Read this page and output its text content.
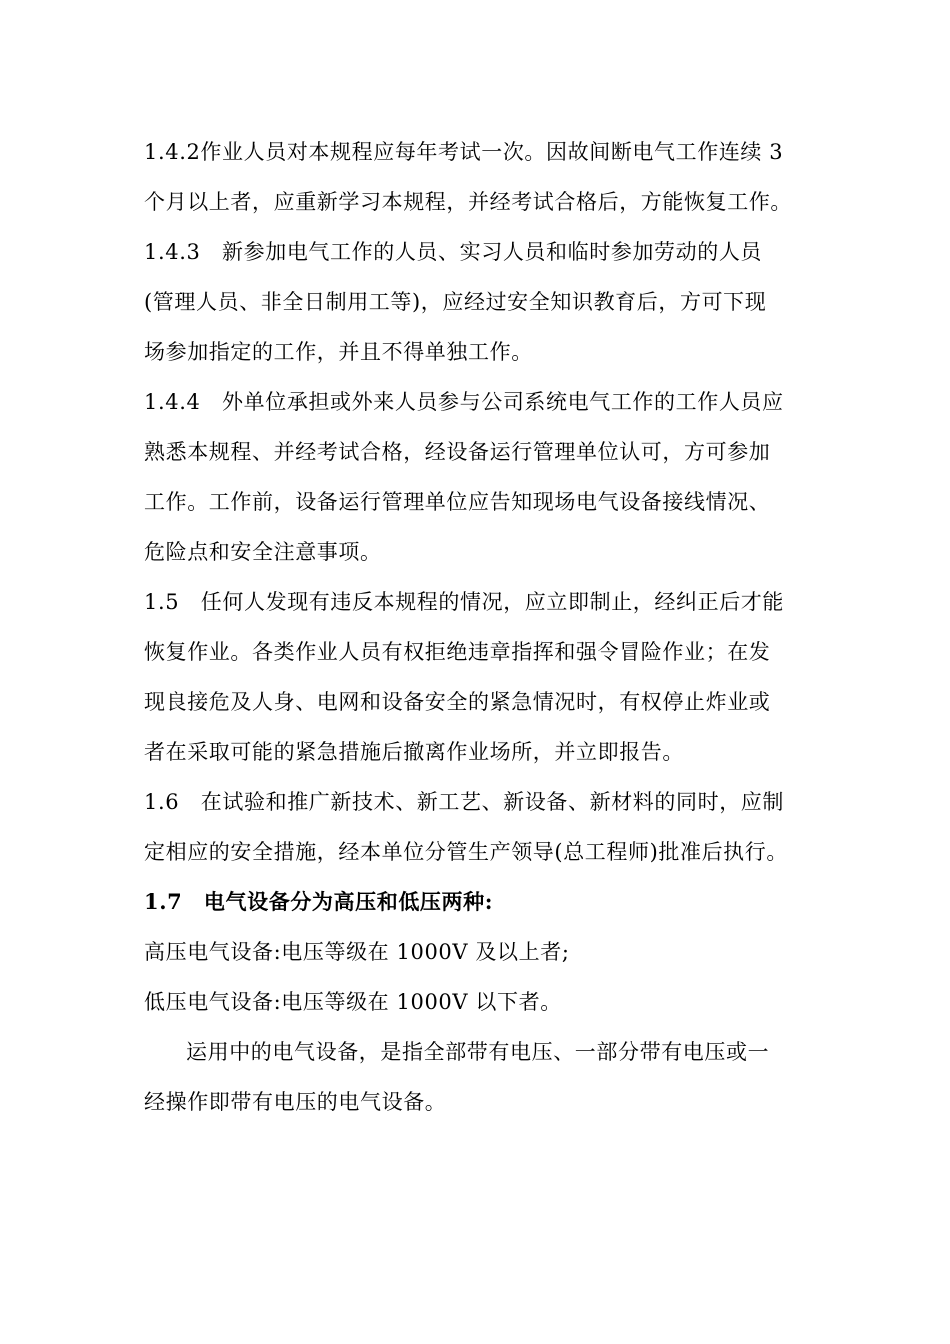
1.4.2作业人员对本规程应每年考试一次。因故间断电气工作连续 3
个月以上者，应重新学习本规程，并经考试合格后，方能恢复工作。
1.4.3　新参加电气工作的人员、实习人员和临时参加劳动的人员
(管理人员、非全日制用工等)，应经过安全知识教育后，方可下现
场参加指定的工作，并且不得单独工作。
1.4.4　外单位承担或外来人员参与公司系统电气工作的工作人员应
熟悉本规程、并经考试合格，经设备运行管理单位认可，方可参加
工作。工作前，设备运行管理单位应告知现场电气设备接线情况、
危险点和安全注意事项。
1.5　任何人发现有违反本规程的情况，应立即制止，经纠正后才能
恢复作业。各类作业人员有权拒绝违章指挥和强令冒险作业；在发
现良接危及人身、电网和设备安全的紧急情况时，有权停止炸业或
者在采取可能的紧急措施后撤离作业场所，并立即报告。
1.6　在试验和推广新技术、新工艺、新设备、新材料的同时，应制
定相应的安全措施，经本单位分管生产领导(总工程师)批准后执行。
1.7　电气设备分为高压和低压两种:
高压电气设备:电压等级在 1000V 及以上者;
低压电气设备:电压等级在 1000V 以下者。
运用中的电气设备，是指全部带有电压、一部分带有电压或一
经操作即带有电压的电气设备。
